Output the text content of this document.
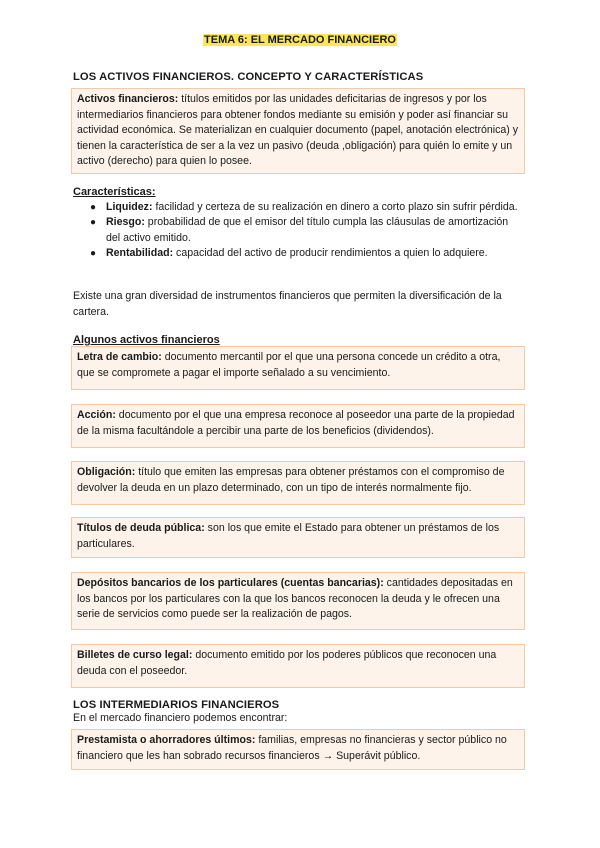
TEMA 6: EL MERCADO FINANCIERO
LOS ACTIVOS FINANCIEROS. CONCEPTO Y CARACTERÍSTICAS
Activos financieros: títulos emitidos por las unidades deficitarias de ingresos y por los intermediarios financieros para obtener fondos mediante su emisión y poder así financiar su actividad económica. Se materializan en cualquier documento (papel, anotación electrónica) y tienen la característica de ser a la vez un pasivo (deuda ,obligación) para quién lo emite y un activo (derecho) para quien lo posee.
Características:
● Liquidez: facilidad y certeza de su realización en dinero a corto plazo sin sufrir pérdida.
● Riesgo: probabilidad de que el emisor del título cumpla las cláusulas de amortización del activo emitido.
● Rentabilidad: capacidad del activo de producir rendimientos a quien lo adquiere.
Existe una gran diversidad de instrumentos financieros que permiten la diversificación de la cartera.
Algunos activos financieros
Letra de cambio: documento mercantil por el que una persona concede un crédito a otra, que se compromete a pagar el importe señalado a su vencimiento.
Acción: documento por el que una empresa reconoce al poseedor una parte de la propiedad de la misma facultándole a percibir una parte de los beneficios (dividendos).
Obligación: título que emiten las empresas para obtener préstamos con el compromiso de devolver la deuda en un plazo determinado, con un tipo de interés normalmente fijo.
Títulos de deuda pública: son los que emite el Estado para obtener un préstamos de los particulares.
Depósitos bancarios de los particulares (cuentas bancarias): cantidades depositadas en los bancos por los particulares con la que los bancos reconocen la deuda y le ofrecen una serie de servicios como puede ser la realización de pagos.
Billetes de curso legal: documento emitido por los poderes públicos que reconocen una deuda con el poseedor.
LOS INTERMEDIARIOS FINANCIEROS
En el mercado financiero podemos encontrar:
Prestamista o ahorradores últimos: familias, empresas no financieras y sector público no financiero que les han sobrado recursos financieros → Superávit público.
